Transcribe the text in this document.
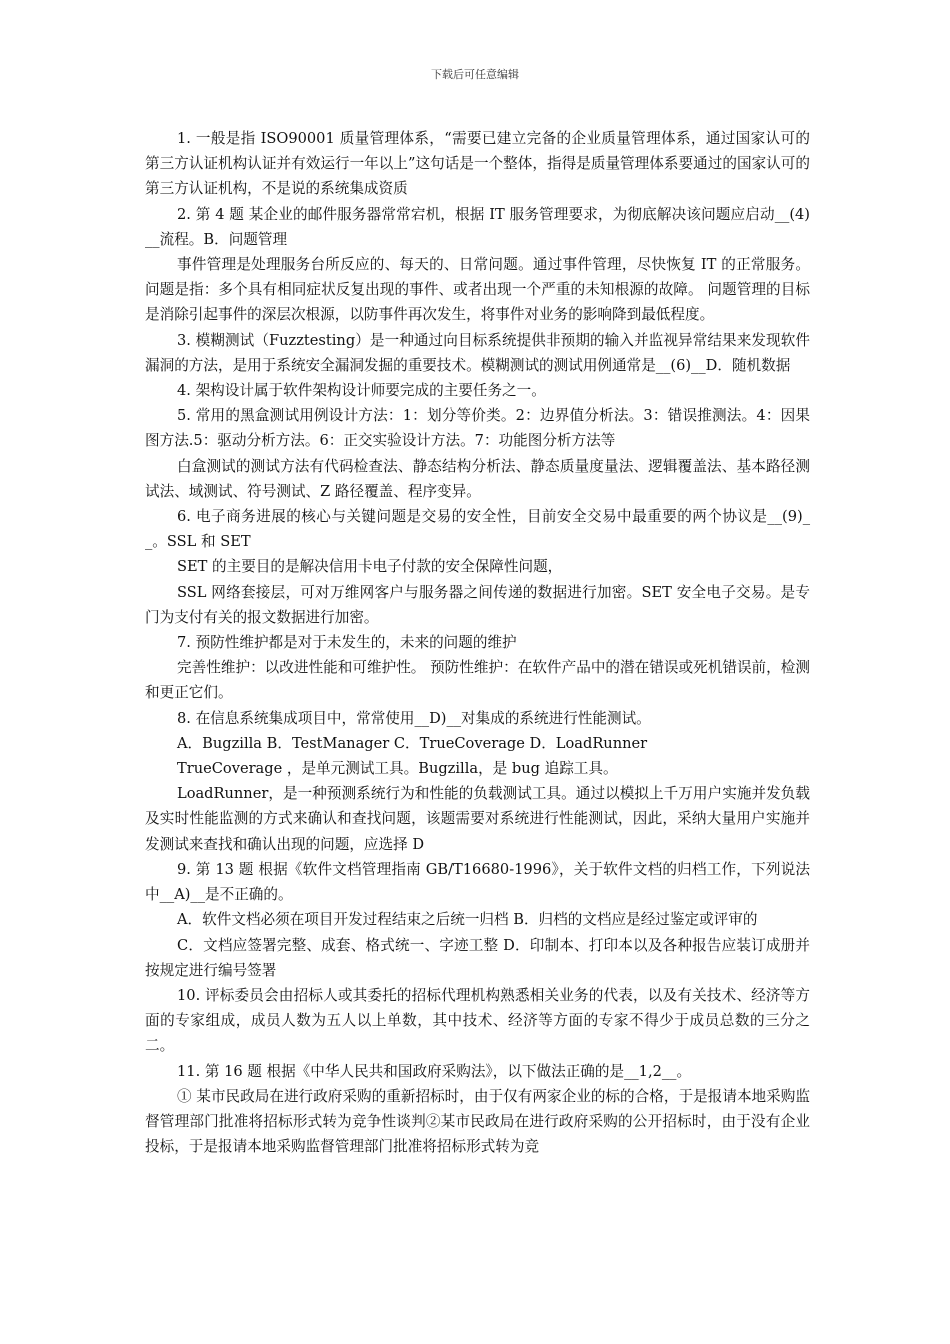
下载后可任意编辑

1. 一般是指 ISO90001 质量管理体系，“需要已建立完备的企业质量管理体系，通过国家认可的第三方认证机构认证并有效运行一年以上”这句话是一个整体，指得是质量管理体系要通过的国家认可的第三方认证机构，不是说的系统集成资质

2. 第 4 题 某企业的邮件服务器常常宕机，根据 IT 服务管理要求，为彻底解决该问题应启动__(4)__流程。B．问题管理

事件管理是处理服务台所反应的、每天的、日常问题。通过事件管理，尽快恢复 IT 的正常服务。 问题是指：多个具有相同症状反复出现的事件、或者出现一个严重的未知根源的故障。 问题管理的目标是消除引起事件的深层次根源，以防事件再次发生，将事件对业务的影响降到最低程度。

3. 模糊测试（Fuzztesting）是一种通过向目标系统提供非预期的输入并监视异常结果来发现软件漏洞的方法，是用于系统安全漏洞发掘的重要技术。模糊测试的测试用例通常是__(6)__D．随机数据

4. 架构设计属于软件架构设计师要完成的主要任务之一。

5. 常用的黑盒测试用例设计方法：1：划分等价类。2：边界值分析法。3：错误推测法。4：因果图方法.5：驱动分析方法。6：正交实验设计方法。7：功能图分析方法等

白盒测试的测试方法有代码检查法、静态结构分析法、静态质量度量法、逻辑覆盖法、基本路径测试法、域测试、符号测试、Z 路径覆盖、程序变异。

6. 电子商务进展的核心与关键问题是交易的安全性，目前安全交易中最重要的两个协议是__(9)__。SSL 和 SET

SET 的主要目的是解决信用卡电子付款的安全保障性问题，

SSL 网络套接层，可对万维网客户与服务器之间传递的数据进行加密。SET 安全电子交易。是专门为支付有关的报文数据进行加密。

7. 预防性维护都是对于未发生的，未来的问题的维护

完善性维护：以改进性能和可维护性。 预防性维护：在软件产品中的潜在错误或死机错误前，检测和更正它们。

8. 在信息系统集成项目中，常常使用__D)__对集成的系统进行性能测试。

A．Bugzilla B．TestManager C．TrueCoverage D．LoadRunner

TrueCoverage ，是单元测试工具。Bugzilla，是 bug 追踪工具。

LoadRunner，是一种预测系统行为和性能的负载测试工具。通过以模拟上千万用户实施并发负载及实时性能监测的方式来确认和查找问题，该题需要对系统进行性能测试，因此，采纳大量用户实施并发测试来查找和确认出现的问题，应选择 D

9. 第 13 题 根据《软件文档管理指南 GB/T16680-1996》，关于软件文档的归档工作，下列说法中__A)__是不正确的。

A．软件文档必须在项目开发过程结束之后统一归档 B．归档的文档应是经过鉴定或评审的

C．文档应签署完整、成套、格式统一、字迹工整 D．印制本、打印本以及各种报告应装订成册并按规定进行编号签署

10. 评标委员会由招标人或其委托的招标代理机构熟悉相关业务的代表，以及有关技术、经济等方面的专家组成，成员人数为五人以上单数，其中技术、经济等方面的专家不得少于成员总数的三分之二。

11. 第 16 题 根据《中华人民共和国政府采购法》，以下做法正确的是__1,2__。

① 某市民政局在进行政府采购的重新招标时，由于仅有两家企业的标的合格，于是报请本地采购监督管理部门批准将招标形式转为竞争性谈判②某市民政局在进行政府采购的公开招标时，由于没有企业投标，于是报请本地采购监督管理部门批准将招标形式转为竞
